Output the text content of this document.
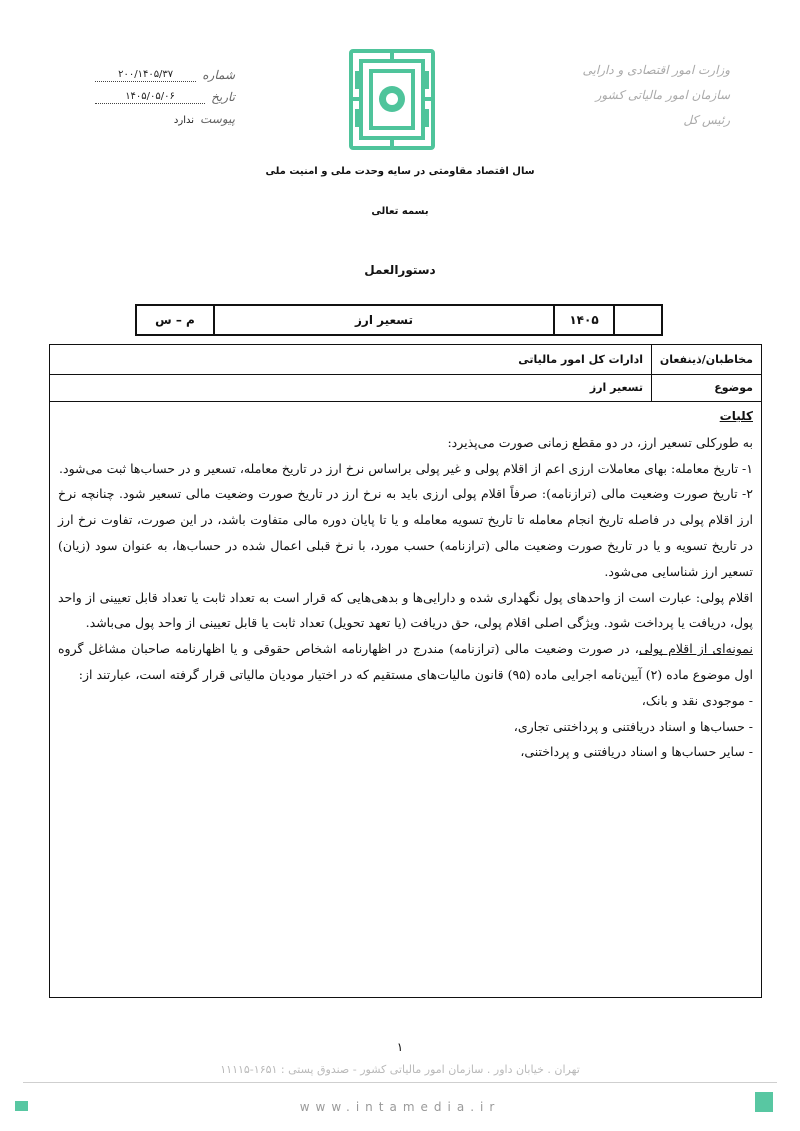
وزارت امور اقتصادی و دارایی
سازمان امور مالیاتی کشور
رئیس کل
شماره
۲۰۰/۱۴۰۵/۳۷
تاریخ
۱۴۰۵/۰۵/۰۶
پیوست
ندارد
سال اقتصاد مقاومتی در سایه وحدت ملی و امنیت ملی
بسمه تعالی
دستورالعمل
۱۴۰۵
تسعیر ارز
م – س
مخاطبان/ذینفعان
ادارات کل امور مالیاتی
موضوع
تسعیر ارز

کلیات

به طورکلی تسعیر ارز، در دو مقطع زمانی صورت می‌پذیرد:

۱- تاریخ معامله: بهای معاملات ارزی اعم از اقلام پولی و غیر پولی براساس نرخ ارز در تاریخ معامله، تسعیر و در حساب‌ها ثبت می‌شود.

۲- تاریخ صورت وضعیت مالی (ترازنامه): صرفاً اقلام پولی ارزی باید به نرخ ارز در تاریخ صورت وضعیت مالی تسعیر شود. چنانچه نرخ ارز اقلام پولی در فاصله تاریخ انجام معامله تا تاریخ تسویه معامله و یا تا پایان دوره مالی متفاوت باشد، در این صورت، تفاوت نرخ ارز در تاریخ تسویه و یا در تاریخ صورت وضعیت مالی (ترازنامه) حسب مورد، با نرخ قبلی اعمال شده در حساب‌ها، به عنوان سود (زیان) تسعیر ارز شناسایی می‌شود.

اقلام پولی: عبارت است از واحدهای پول نگهداری شده و دارایی‌ها و بدهی‌هایی که قرار است به تعداد ثابت یا تعداد قابل تعیینی از واحد پول، دریافت یا پرداخت شود. ویژگی اصلی اقلام پولی، حق دریافت (یا تعهد تحویل) تعداد ثابت یا قابل تعیینی از واحد پول می‌باشد.

نمونه‌ای از اقلام پولی، در صورت وضعیت مالی (ترازنامه) مندرج در اظهارنامه اشخاص حقوقی و یا اظهارنامه صاحبان مشاغل گروه اول موضوع ماده (۲) آیین‌نامه اجرایی ماده (۹۵) قانون مالیات‌های مستقیم که در اختیار مودیان مالیاتی قرار گرفته است، عبارتند از:

- موجودی نقد و بانک،

- حساب‌ها و اسناد دریافتنی و پرداختنی تجاری،

- سایر حساب‌ها و اسناد دریافتنی و پرداختنی،

۱
تهران . خیابان داور . سازمان امور مالیاتی کشور - صندوق پستی : ۱۶۵۱-۱۱۱۱۵
www.intamedia.ir
